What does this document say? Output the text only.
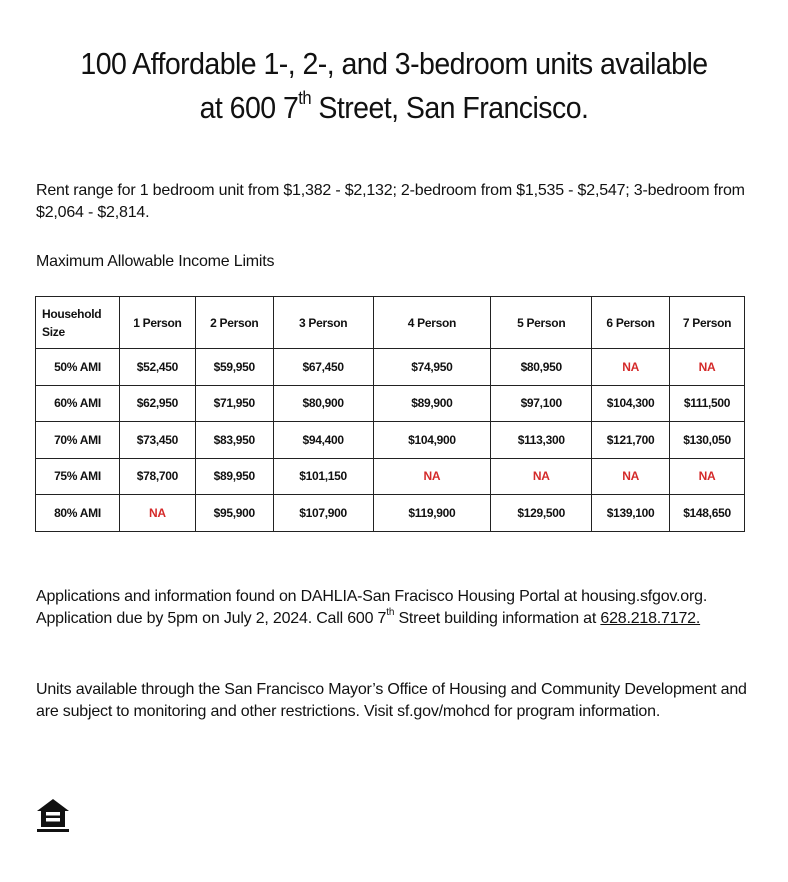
100 Affordable 1-, 2-, and 3-bedroom units available
at 600 7th Street, San Francisco.
Rent range for 1 bedroom unit from $1,382 - $2,132; 2-bedroom from $1,535 - $2,547; 3-bedroom from $2,064 - $2,814.
Maximum Allowable Income Limits
Household
Size	1 Person	2 Person	3 Person	4 Person	5 Person	6 Person	7 Person
50% AMI	$52,450	$59,950	$67,450	$74,950	$80,950	NA	NA
60% AMI	$62,950	$71,950	$80,900	$89,900	$97,100	$104,300	$111,500
70% AMI	$73,450	$83,950	$94,400	$104,900	$113,300	$121,700	$130,050
75% AMI	$78,700	$89,950	$101,150	NA	NA	NA	NA
80% AMI	NA	$95,900	$107,900	$119,900	$129,500	$139,100	$148,650
Applications and information found on DAHLIA-San Fracisco Housing Portal at housing.sfgov.org. Application due by 5pm on July 2, 2024. Call 600 7th Street building information at 628.218.7172.
Units available through the San Francisco Mayor’s Office of Housing and Community Development and are subject to monitoring and other restrictions. Visit sf.gov/mohcd for program information.
